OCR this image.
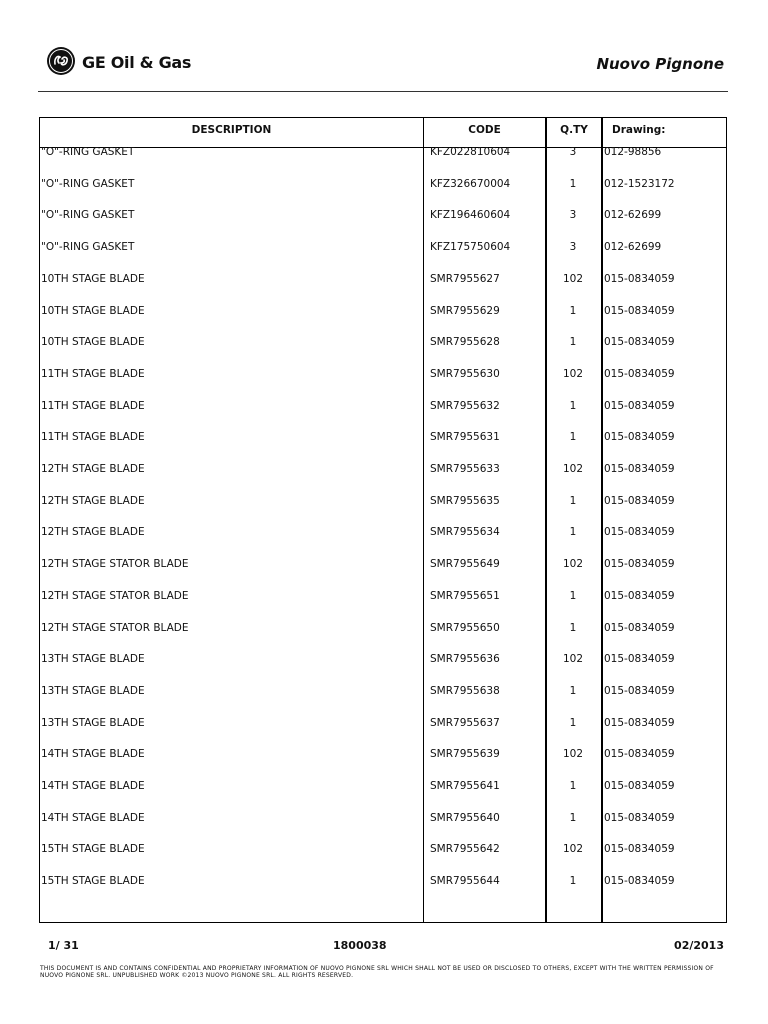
GE Oil & Gas	Nuovo Pignone
DESCRIPTION	CODE	Q.TY	Drawing:
"O"-RING GASKET	KFZ022810604	3	012-98856
"O"-RING GASKET	KFZ326670004	1	012-1523172
"O"-RING GASKET	KFZ196460604	3	012-62699
"O"-RING GASKET	KFZ175750604	3	012-62699
10TH STAGE BLADE	SMR7955627	102	015-0834059
10TH STAGE BLADE	SMR7955629	1	015-0834059
10TH STAGE BLADE	SMR7955628	1	015-0834059
11TH STAGE BLADE	SMR7955630	102	015-0834059
11TH STAGE BLADE	SMR7955632	1	015-0834059
11TH STAGE BLADE	SMR7955631	1	015-0834059
12TH STAGE BLADE	SMR7955633	102	015-0834059
12TH STAGE BLADE	SMR7955635	1	015-0834059
12TH STAGE BLADE	SMR7955634	1	015-0834059
12TH STAGE STATOR BLADE	SMR7955649	102	015-0834059
12TH STAGE STATOR BLADE	SMR7955651	1	015-0834059
12TH STAGE STATOR BLADE	SMR7955650	1	015-0834059
13TH STAGE BLADE	SMR7955636	102	015-0834059
13TH STAGE BLADE	SMR7955638	1	015-0834059
13TH STAGE BLADE	SMR7955637	1	015-0834059
14TH STAGE BLADE	SMR7955639	102	015-0834059
14TH STAGE BLADE	SMR7955641	1	015-0834059
14TH STAGE BLADE	SMR7955640	1	015-0834059
15TH STAGE BLADE	SMR7955642	102	015-0834059
15TH STAGE BLADE	SMR7955644	1	015-0834059
1/ 31	1800038	02/2013
THIS DOCUMENT IS AND CONTAINS CONFIDENTIAL AND PROPRIETARY INFORMATION OF NUOVO PIGNONE SRL WHICH SHALL NOT BE USED OR DISCLOSED TO OTHERS, EXCEPT WITH THE WRITTEN PERMISSION OF NUOVO PIGNONE SRL. UNPUBLISHED WORK ©2013 NUOVO PIGNONE SRL. ALL RIGHTS RESERVED.
